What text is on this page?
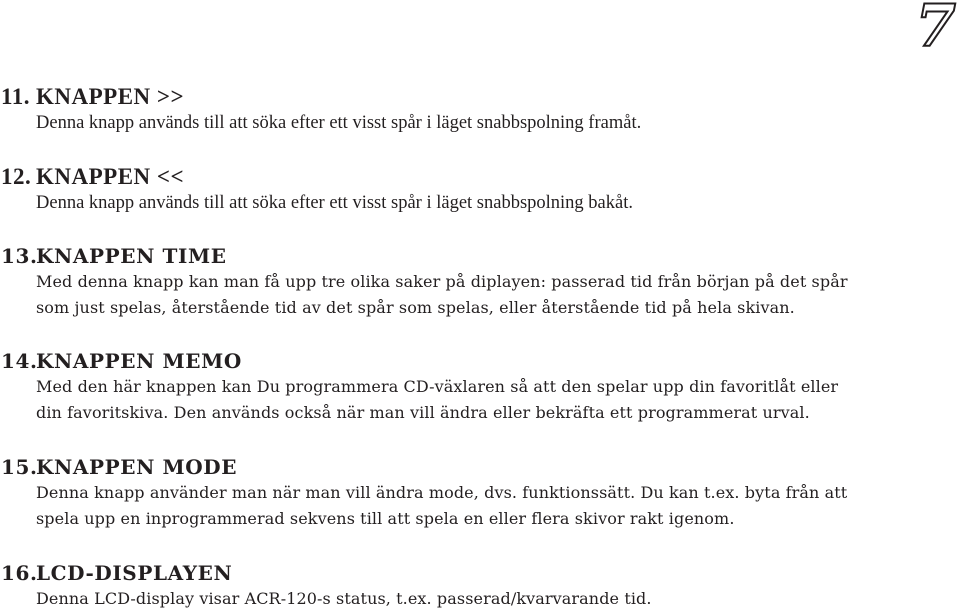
7
11. KNAPPEN >>

Denna knapp används till att söka efter ett visst spår i läget snabbspolning framåt.

12. KNAPPEN <<

Denna knapp används till att söka efter ett visst spår i läget snabbspolning bakåt.

13.KNAPPEN TIME

Med denna knapp kan man få upp tre olika saker på diplayen: passerad tid från början på det spår

som just spelas, återstående tid av det spår som spelas, eller återstående tid på hela skivan.

14.KNAPPEN MEMO

Med den här knappen kan Du programmera CD-växlaren så att den spelar upp din favoritlåt eller

din favoritskiva. Den används också när man vill ändra eller bekräfta ett programmerat urval.

15.KNAPPEN MODE

Denna knapp använder man när man vill ändra mode, dvs. funktionssätt. Du kan t.ex. byta från att

spela upp en inprogrammerad sekvens till att spela en eller flera skivor rakt igenom.

16.LCD-DISPLAYEN

Denna LCD-display visar ACR-120-s status, t.ex. passerad/kvarvarande tid.
